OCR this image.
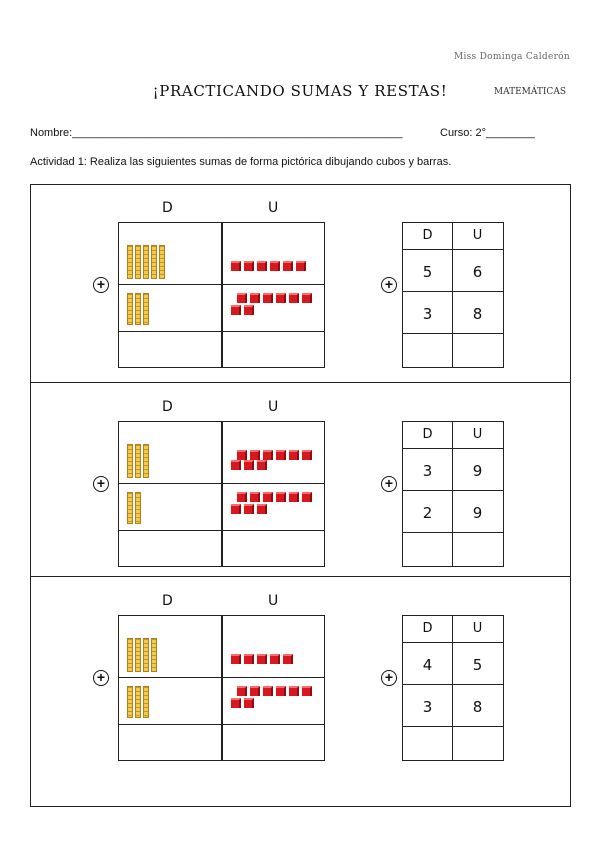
Miss Dominga Calderón
¡PRACTICANDO SUMAS Y RESTAS!	MATEMÁTICAS
Nombre:______________________________________________________	Curso: 2°________
Actividad 1: Realiza las siguientes sumas de forma pictórica dibujando cubos y barras.
D	U
+	+
D	U
5	6
3	8
D	U
+	+
D	U
3	9
2	9
D	U
+	+
D	U
4	5
3	8
